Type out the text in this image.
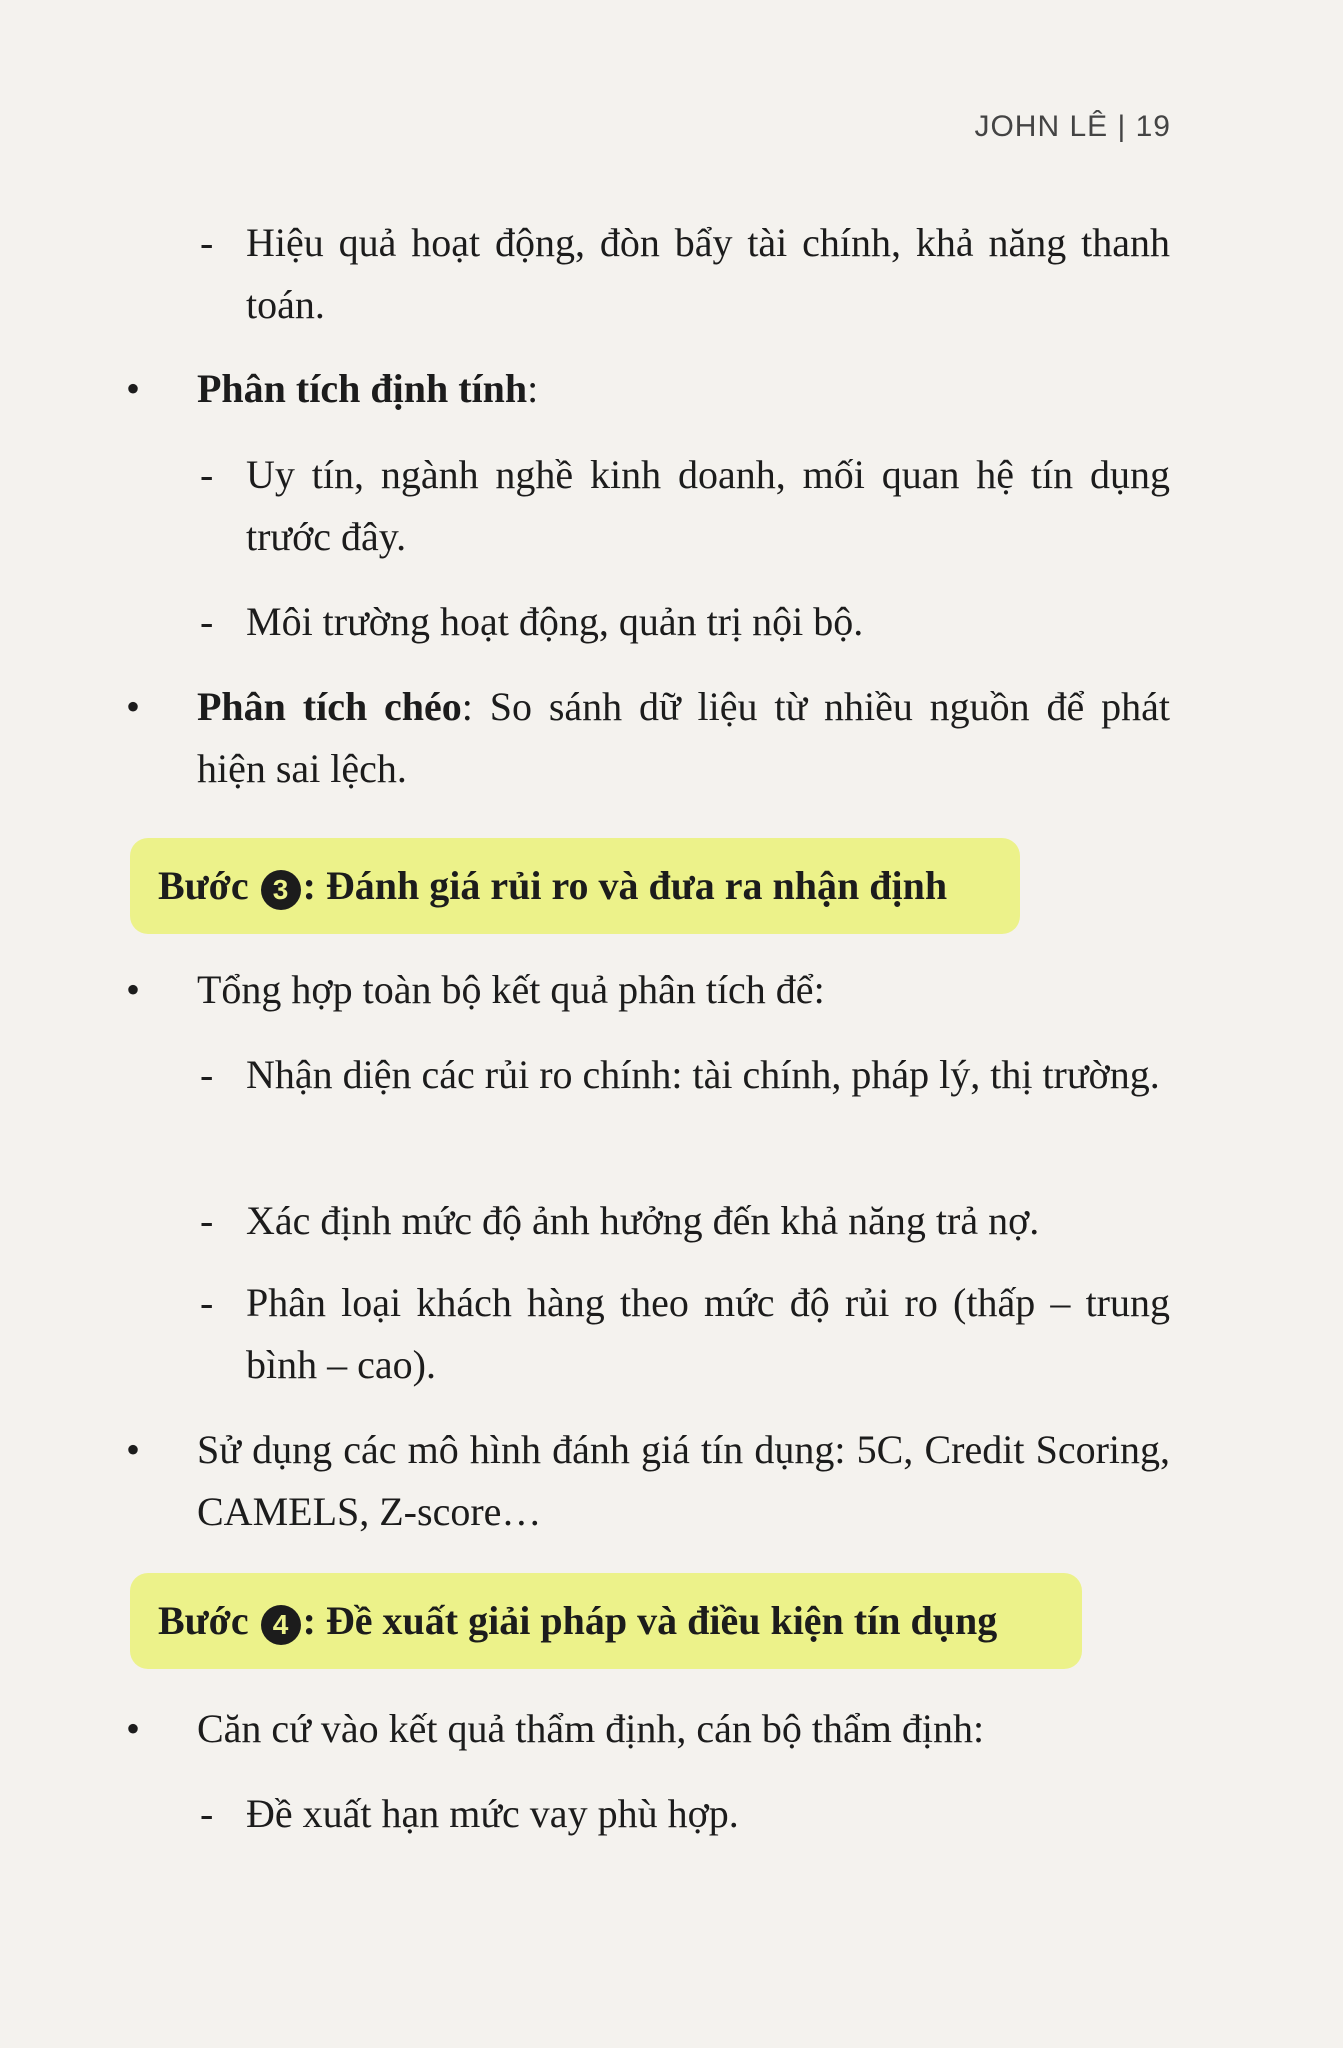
JOHN LÊ | 19
- Hiệu quả hoạt động, đòn bẩy tài chính, khả năng thanh toán.
Phân tích định tính:
- Uy tín, ngành nghề kinh doanh, mối quan hệ tín dụng trước đây.
- Môi trường hoạt động, quản trị nội bộ.
Phân tích chéo: So sánh dữ liệu từ nhiều nguồn để phát hiện sai lệch.
Bước 3 : Đánh giá rủi ro và đưa ra nhận định
Tổng hợp toàn bộ kết quả phân tích để:
- Nhận diện các rủi ro chính: tài chính, pháp lý, thị trường.
- Xác định mức độ ảnh hưởng đến khả năng trả nợ.
- Phân loại khách hàng theo mức độ rủi ro (thấp – trung bình – cao).
Sử dụng các mô hình đánh giá tín dụng: 5C, Credit Scoring, CAMELS, Z-score…
Bước 4 : Đề xuất giải pháp và điều kiện tín dụng
Căn cứ vào kết quả thẩm định, cán bộ thẩm định:
- Đề xuất hạn mức vay phù hợp.
